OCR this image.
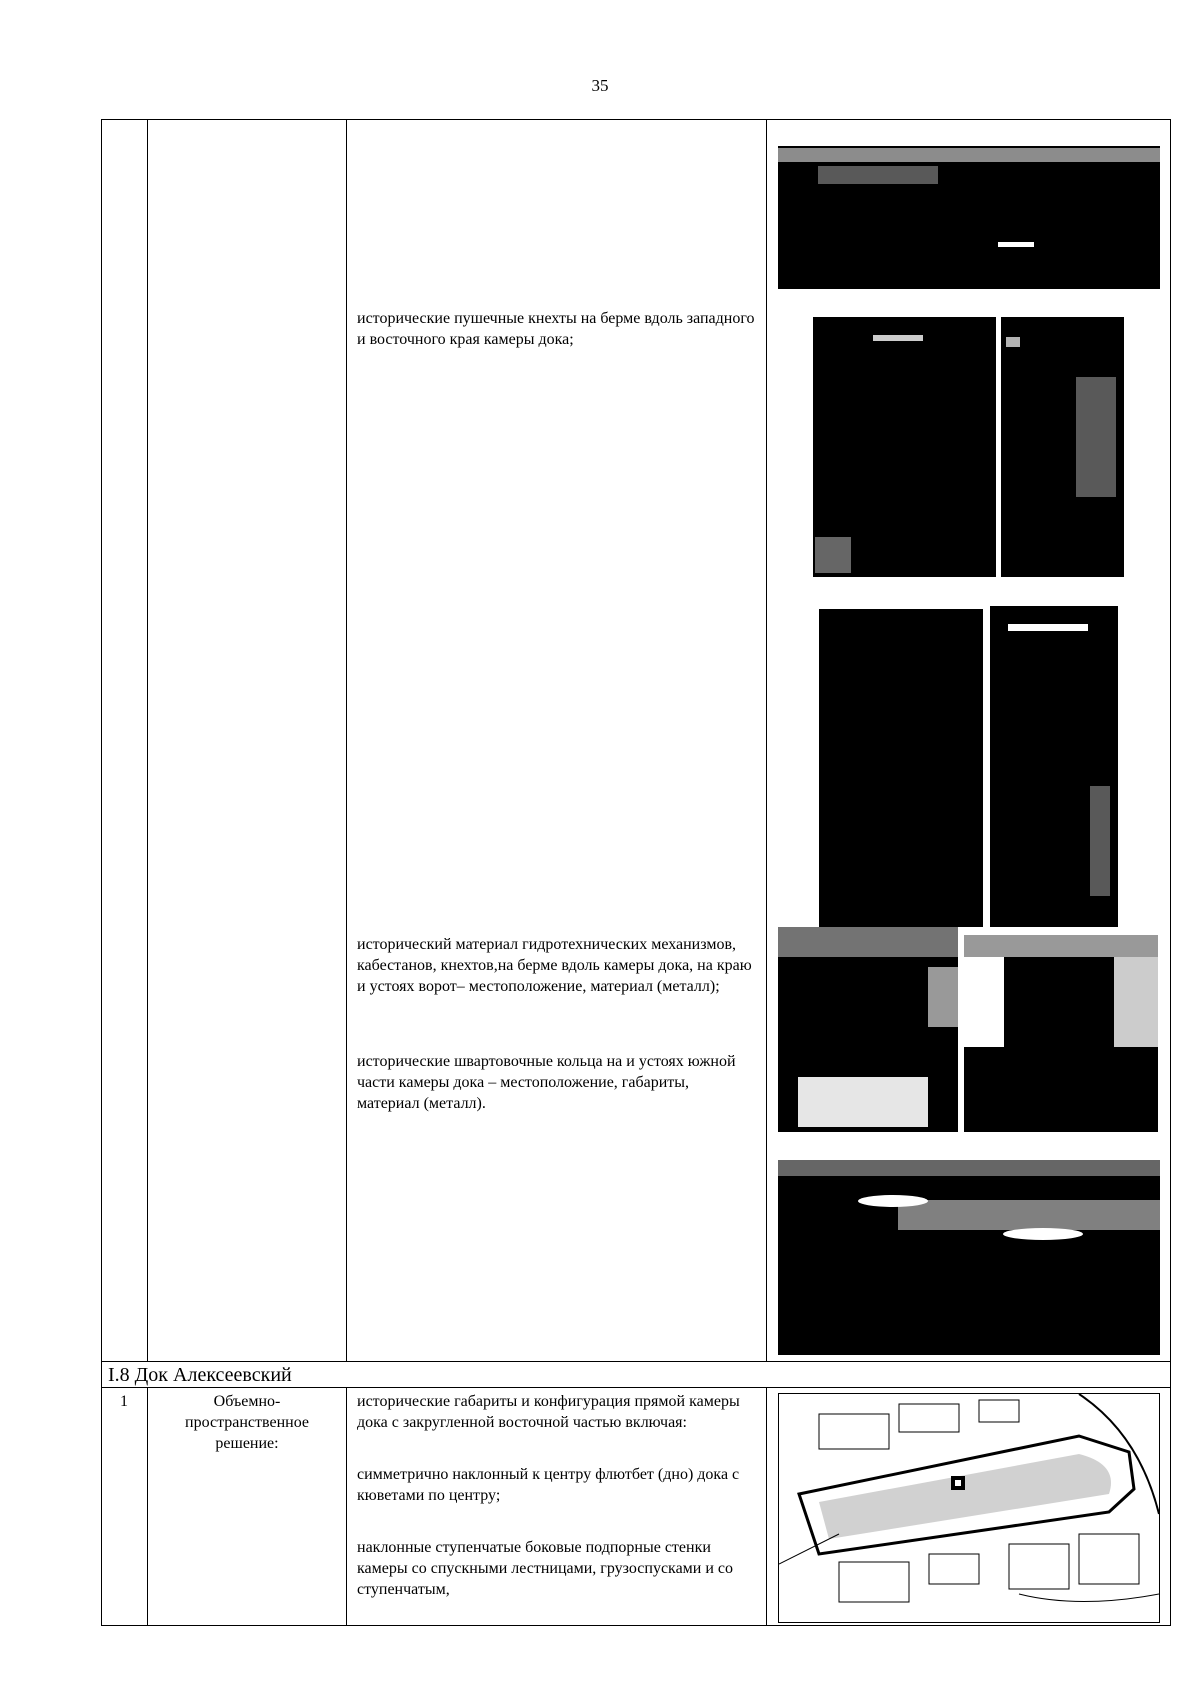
35
исторические пушечные кнехты на берме вдоль западного и восточного края камеры дока;
исторический материал гидротехнических механизмов, кабестанов, кнехтов,на берме вдоль камеры дока, на краю и устоях ворот– местоположение, материал (металл);
исторические швартовочные кольца на и устоях южной части камеры дока – местоположение, габариты, материал (металл).
I.8 Док Алексеевский
1	Объемно-пространственное решение:
исторические габариты и конфигурация прямой камеры дока с закругленной восточной частью включая:
симметрично наклонный к центру флютбет (дно) дока с кюветами по центру;
наклонные ступенчатые боковые подпорные стенки камеры со спускными лестницами, грузоспусками и со ступенчатым,
